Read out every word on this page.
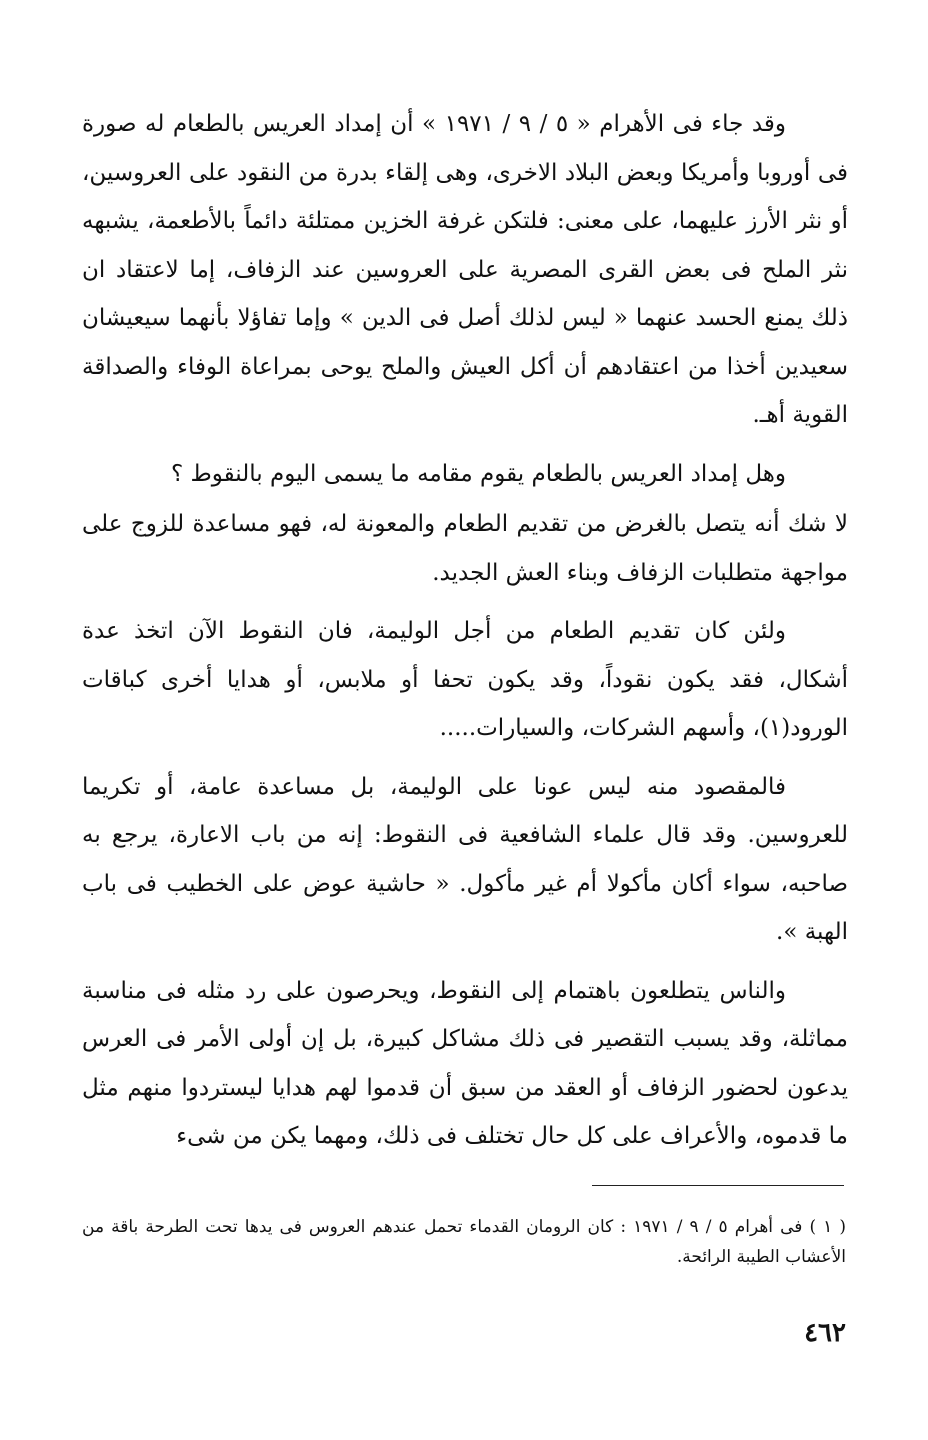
وقد جاء فى الأهرام « ٥ / ٩ / ١٩٧١ » أن إمداد العريس بالطعام له صورة فى أوروبا وأمريكا وبعض البلاد الاخرى، وهى إلقاء بدرة من النقود على العروسين، أو نثر الأرز عليهما، على معنى: فلتكن غرفة الخزين ممتلئة دائماً بالأطعمة، يشبهه نثر الملح فى بعض القرى المصرية على العروسين عند الزفاف، إما لاعتقاد ان ذلك يمنع الحسد عنهما « ليس لذلك أصل فى الدين » وإما تفاؤلا بأنهما سيعيشان سعيدين أخذا من اعتقادهم أن أكل العيش والملح يوحى بمراعاة الوفاء والصداقة القوية أهـ.

وهل إمداد العريس بالطعام يقوم مقامه ما يسمى اليوم بالنقوط ؟

لا شك أنه يتصل بالغرض من تقديم الطعام والمعونة له، فهو مساعدة للزوج على مواجهة متطلبات الزفاف وبناء العش الجديد.

ولئن كان تقديم الطعام من أجل الوليمة، فان النقوط الآن اتخذ عدة أشكال، فقد يكون نقوداً، وقد يكون تحفا أو ملابس، أو هدايا أخرى كباقات الورود(١)، وأسهم الشركات، والسيارات.....

فالمقصود منه ليس عونا على الوليمة، بل مساعدة عامة، أو تكريما للعروسين. وقد قال علماء الشافعية فى النقوط: إنه من باب الاعارة، يرجع به صاحبه، سواء أكان مأكولا أم غير مأكول. « حاشية عوض على الخطيب فى باب الهبة ».

والناس يتطلعون باهتمام إلى النقوط، ويحرصون على رد مثله فى مناسبة مماثلة، وقد يسبب التقصير فى ذلك مشاكل كبيرة، بل إن أولى الأمر فى العرس يدعون لحضور الزفاف أو العقد من سبق أن قدموا لهم هدايا ليستردوا منهم مثل ما قدموه، والأعراف على كل حال تختلف فى ذلك، ومهما يكن من شىء

( ١ ) فى أهرام ٥ / ٩ / ١٩٧١ : كان الرومان القدماء تحمل عندهم العروس فى يدها تحت الطرحة باقة من الأعشاب الطيبة الرائحة.
٤٦٢
